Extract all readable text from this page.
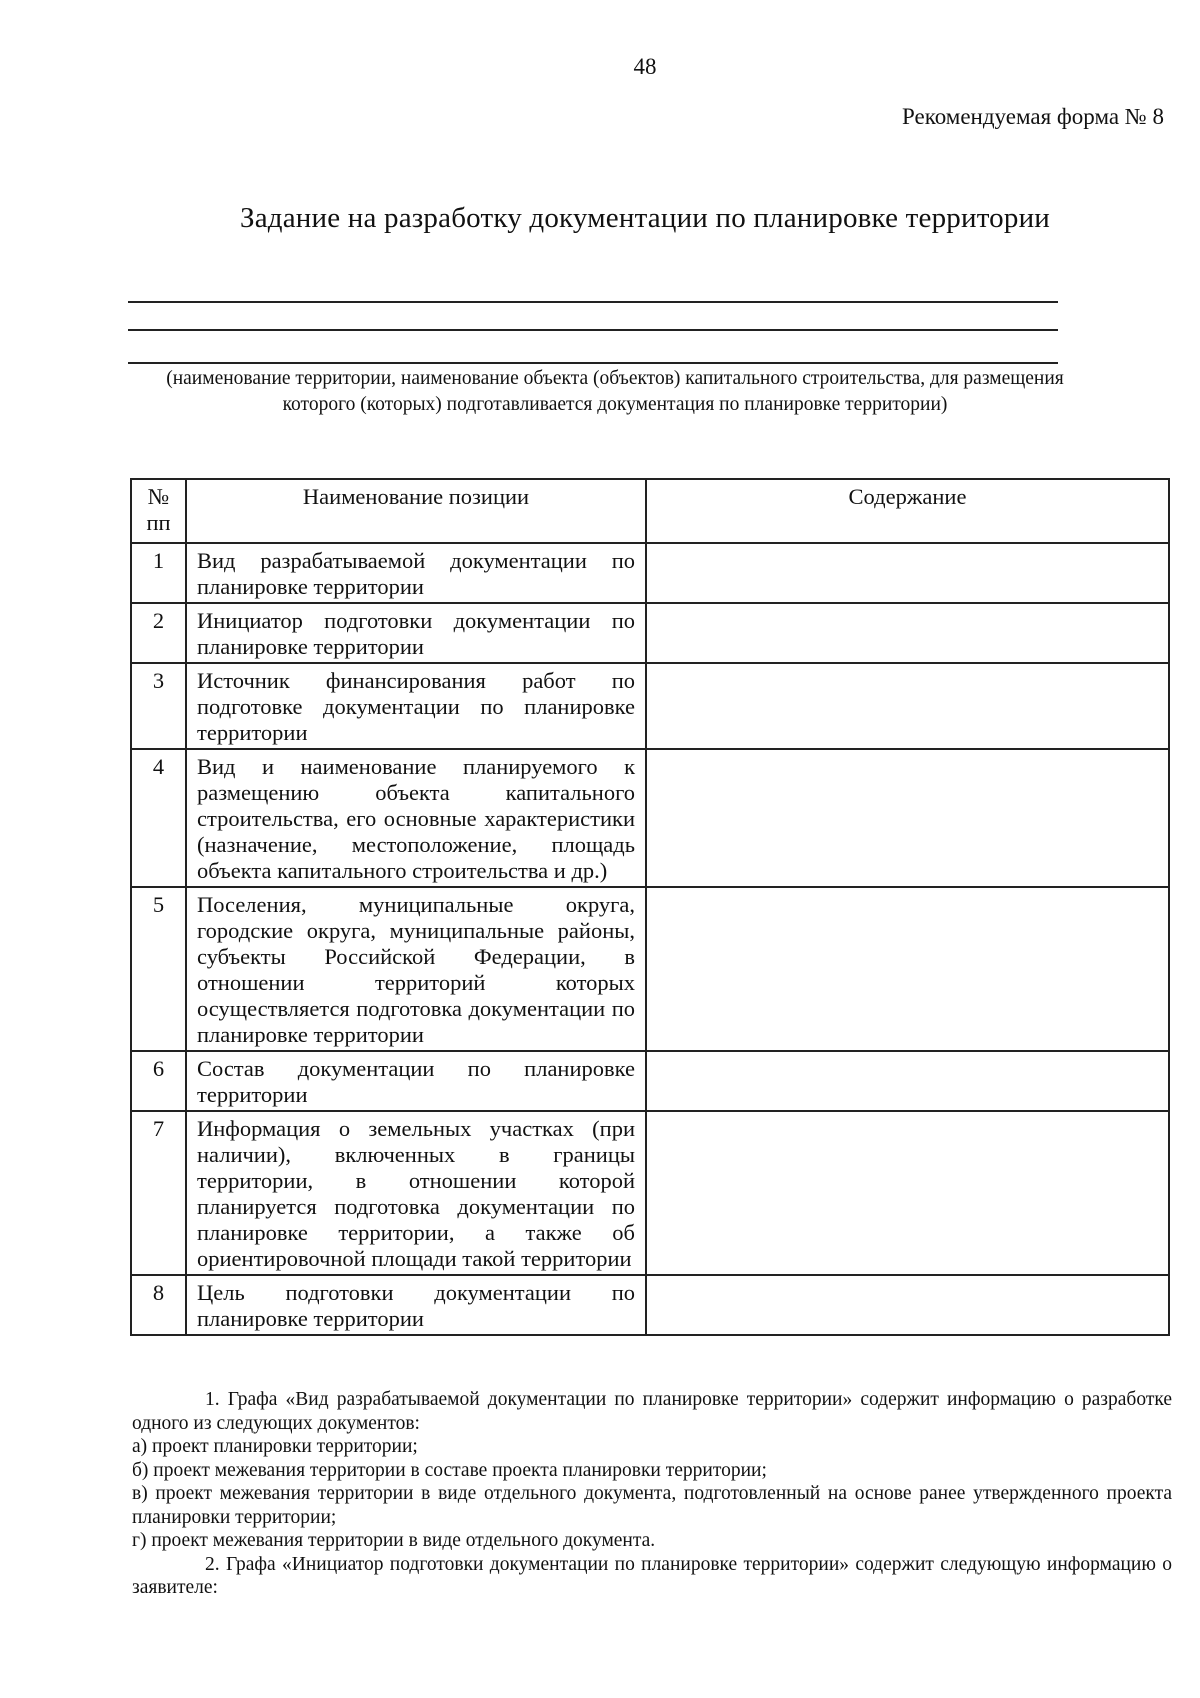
48
Рекомендуемая форма № 8
Задание на разработку документации по планировке территории
(наименование территории, наименование объекта (объектов) капитального строительства, для размещения которого (которых) подготавливается документация по планировке территории)
№ пп	Наименование позиции	Содержание
1	Вид разрабатываемой документации по планировке территории	
2	Инициатор подготовки документации по планировке территории	
3	Источник финансирования работ по подготовке документации по планировке территории	
4	Вид и наименование планируемого к размещению объекта капитального строительства, его основные характеристики (назначение, местоположение, площадь объекта капитального строительства и др.)	
5	Поселения, муниципальные округа, городские округа, муниципальные районы, субъекты Российской Федерации, в отношении территорий которых осуществляется подготовка документации по планировке территории	
6	Состав документации по планировке территории	
7	Информация о земельных участках (при наличии), включенных в границы территории, в отношении которой планируется подготовка документации по планировке территории, а также об ориентировочной площади такой территории	
8	Цель подготовки документации по планировке территории	

1. Графа «Вид разрабатываемой документации по планировке территории» содержит информацию о разработке одного из следующих документов:

а) проект планировки территории;

б) проект межевания территории в составе проекта планировки территории;

в) проект межевания территории в виде отдельного документа, подготовленный на основе ранее утвержденного проекта планировки территории;

г) проект межевания территории в виде отдельного документа.

2. Графа «Инициатор подготовки документации по планировке территории» содержит следующую информацию о заявителе:
